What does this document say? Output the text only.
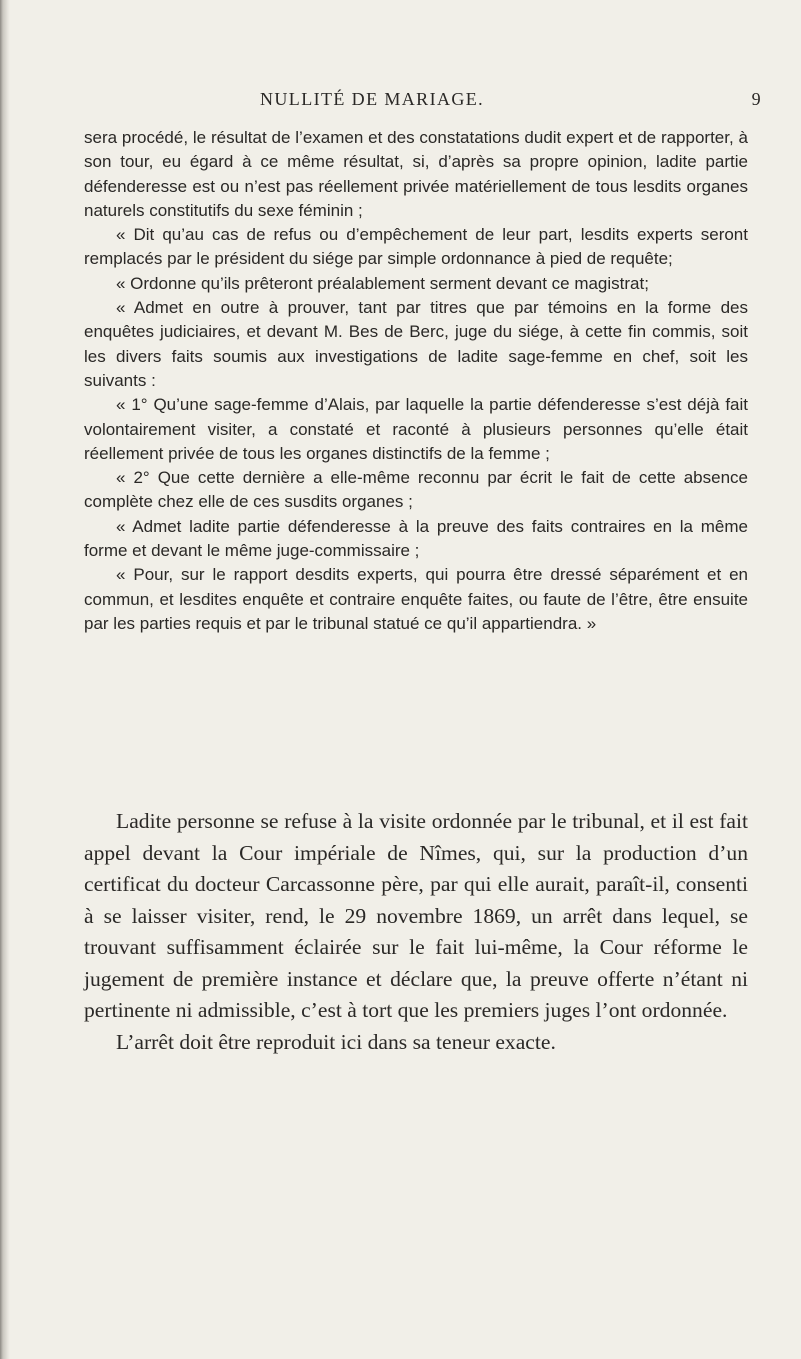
NULLITÉ DE MARIAGE.	9

sera procédé, le résultat de l’examen et des constatations dudit expert et de rapporter, à son tour, eu égard à ce même résultat, si, d’après sa propre opinion, ladite partie défenderesse est ou n’est pas réellement privée matériellement de tous lesdits organes naturels constitutifs du sexe féminin ;

« Dit qu’au cas de refus ou d’empêchement de leur part, lesdits experts seront remplacés par le président du siége par simple ordonnance à pied de requête;

« Ordonne qu’ils prêteront préalablement serment devant ce magistrat;

« Admet en outre à prouver, tant par titres que par témoins en la forme des enquêtes judiciaires, et devant M. Bes de Berc, juge du siége, à cette fin commis, soit les divers faits soumis aux investigations de ladite sage-femme en chef, soit les suivants :

« 1° Qu’une sage-femme d’Alais, par laquelle la partie défenderesse s’est déjà fait volontairement visiter, a constaté et raconté à plusieurs personnes qu’elle était réellement privée de tous les organes distinctifs de la femme ;

« 2° Que cette dernière a elle-même reconnu par écrit le fait de cette absence complète chez elle de ces susdits organes ;

« Admet ladite partie défenderesse à la preuve des faits contraires en la même forme et devant le même juge-commissaire ;

« Pour, sur le rapport desdits experts, qui pourra être dressé séparément et en commun, et lesdites enquête et contraire enquête faites, ou faute de l’être, être ensuite par les parties requis et par le tribunal statué ce qu’il appartiendra. »

Ladite personne se refuse à la visite ordonnée par le tribunal, et il est fait appel devant la Cour impériale de Nîmes, qui, sur la production d’un certificat du docteur Carcassonne père, par qui elle aurait, paraît-il, consenti à se laisser visiter, rend, le 29 novembre 1869, un arrêt dans lequel, se trouvant suffisamment éclairée sur le fait lui-même, la Cour réforme le jugement de première instance et déclare que, la preuve offerte n’étant ni pertinente ni admissible, c’est à tort que les premiers juges l’ont ordonnée.

L’arrêt doit être reproduit ici dans sa teneur exacte.
